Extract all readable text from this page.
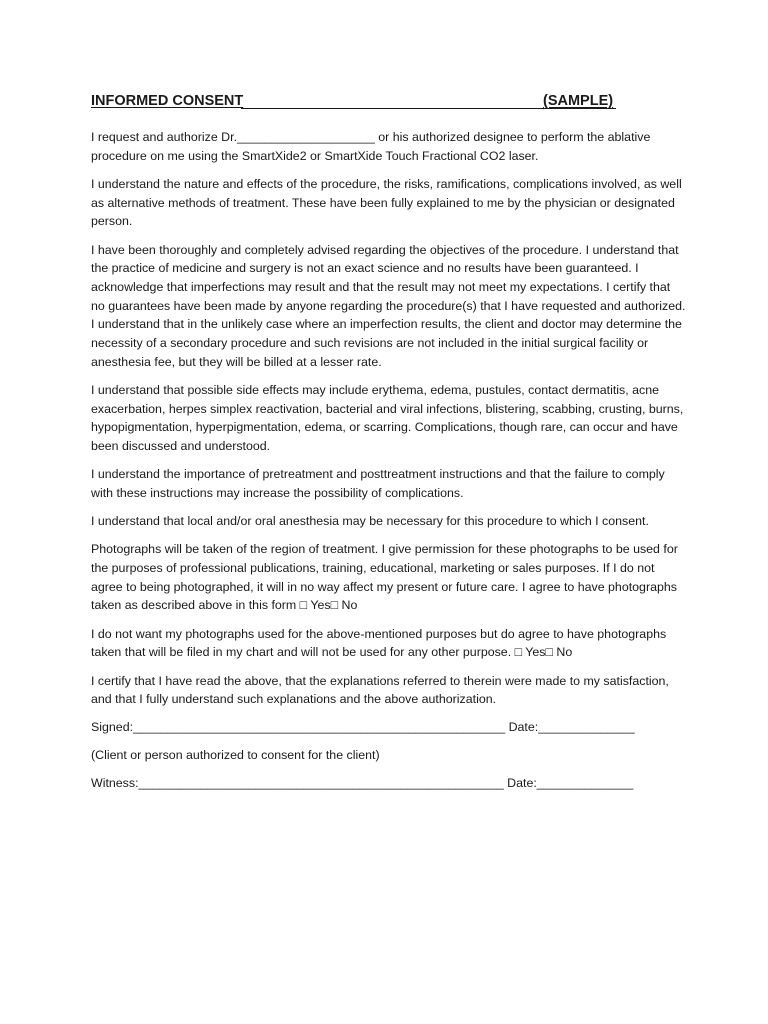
INFORMED CONSENT	(SAMPLE)

I request and authorize Dr.____________________ or his authorized designee to perform the ablative procedure on me using the SmartXide2 or SmartXide Touch Fractional CO2 laser.

I understand the nature and effects of the procedure, the risks, ramifications, complications involved, as well as alternative methods of treatment. These have been fully explained to me by the physician or designated person.

I have been thoroughly and completely advised regarding the objectives of the procedure. I understand that the practice of medicine and surgery is not an exact science and no results have been guaranteed. I acknowledge that imperfections may result and that the result may not meet my expectations. I certify that no guarantees have been made by anyone regarding the procedure(s) that I have requested and authorized. I understand that in the unlikely case where an imperfection results, the client and doctor may determine the necessity of a secondary procedure and such revisions are not included in the initial surgical facility or anesthesia fee, but they will be billed at a lesser rate.

I understand that possible side effects may include erythema, edema, pustules, contact dermatitis, acne exacerbation, herpes simplex reactivation, bacterial and viral infections, blistering, scabbing, crusting, burns, hypopigmentation, hyperpigmentation, edema, or scarring. Complications, though rare, can occur and have been discussed and understood.

I understand the importance of pretreatment and posttreatment instructions and that the failure to comply with these instructions may increase the possibility of complications.

I understand that local and/or oral anesthesia may be necessary for this procedure to which I consent.

Photographs will be taken of the region of treatment. I give permission for these photographs to be used for the purposes of professional publications, training, educational, marketing or sales purposes. If I do not agree to being photographed, it will in no way affect my present or future care. I agree to have photographs taken as described above in this form □ Yes□ No

I do not want my photographs used for the above-mentioned purposes but do agree to have photographs taken that will be filed in my chart and will not be used for any other purpose. □ Yes□ No

I certify that I have read the above, that the explanations referred to therein were made to my satisfaction, and that I fully understand such explanations and the above authorization.

Signed:______________________________________________________ Date:______________

(Client or person authorized to consent for the client)

Witness:_____________________________________________________ Date:______________
